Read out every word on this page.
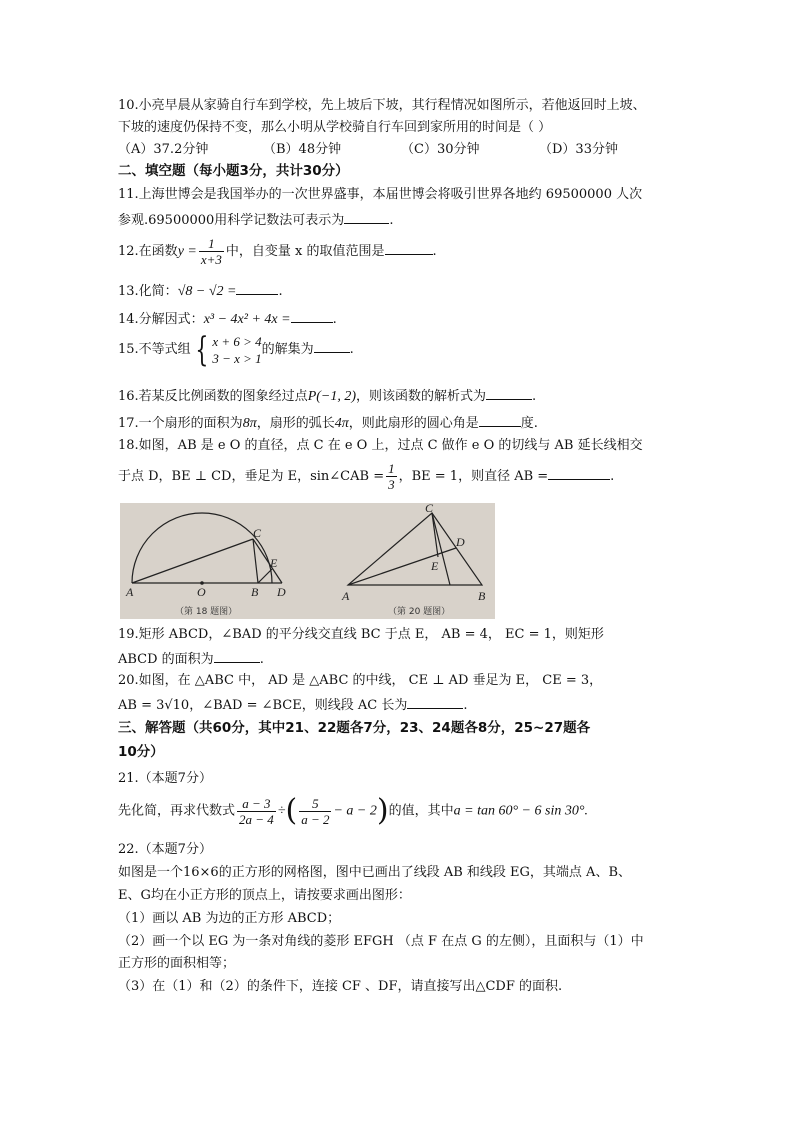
10.小亮早晨从家骑自行车到学校，先上坡后下坡，其行程情况如图所示，若他返回时上坡、
下坡的速度仍保持不变，那么小明从学校骑自行车回到家所用的时间是（ ）
（A）37.2分钟	（B）48分钟	（C）30分钟	（D）33分钟
二、填空题（每小题3分，共计30分）
11.上海世博会是我国举办的一次世界盛事，本届世博会将吸引世界各地约 69500000 人次
参观.69500000用科学记数法可表示为	.
12.在函数$y = \frac{1}{x+3}$ 中，自变量 x 的取值范围是	.
13.化简：√8 − √2 =	.
14.分解因式：x³ − 4x² + 4x =	.
15.不等式组 { x + 6 > 4
3 − x > 1
的解集为	.
16.若某反比例函数的图象经过点P(−1, 2)，则该函数的解析式为	.
17.一个扇形的面积为8π，扇形的弧长4π，则此扇形的圆心角是	度.
18.如图，AB 是 e O 的直径，点 C 在 e O 上，过点 C 做作 e O 的切线与 AB 延长线相交
于点 D，BE ⊥ CD，垂足为 E，sin∠CAB = $\frac{1}{3}$ ，BE = 1，则直径 AB =	.
A	O	B D
C
E
（第 18 题图）
A	B
C
D
E
（第 20 题图）
19.矩形 ABCD，∠BAD 的平分线交直线 BC 于点 E， AB = 4， EC = 1，则矩形
ABCD 的面积为	.
20.如图，在 △ABC 中， AD 是 △ABC 的中线， CE ⊥ AD 垂足为 E， CE = 3，
AB = 3√10，∠BAD = ∠BCE，则线段 AC 长为	.
三、解答题（共60分，其中21、22题各7分，23、24题各8分，25~27题各
10分）
21.（本题7分）
先化简，再求代数式 $\frac{a - 3}{2a - 4}$ ÷( $\frac{5}{a - 2} - a - 2$)的值，其中a = tan 60° − 6 sin 30°.
22.（本题7分）
如图是一个16×6的正方形的网格图，图中已画出了线段 AB 和线段 EG，其端点 A、B、
E、G均在小正方形的顶点上，请按要求画出图形：
（1）画以 AB 为边的正方形 ABCD；
（2）画一个以 EG 为一条对角线的菱形 EFGH （点 F 在点 G 的左侧），且面积与（1）中
正方形的面积相等；
（3）在（1）和（2）的条件下，连接 CF 、DF，请直接写出△CDF 的面积.
